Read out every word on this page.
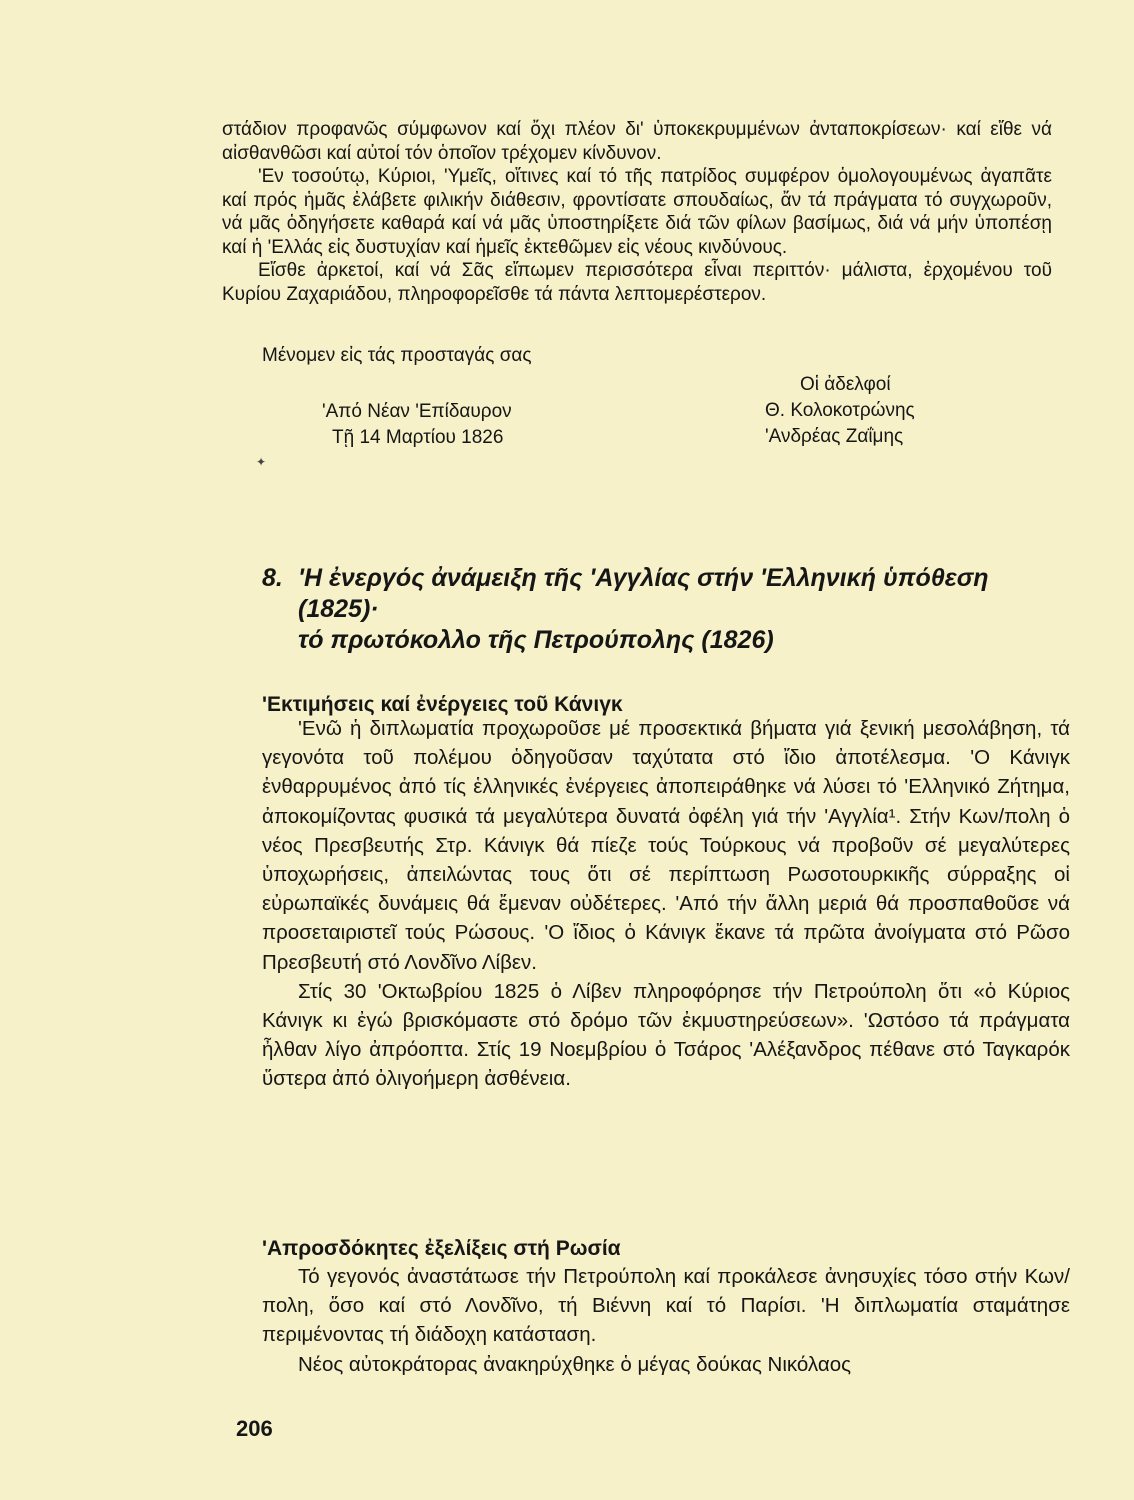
στάδιον προφανῶς σύμφωνον καί ὄχι πλέον δι' ὑποκεκρυμμένων ἀνταποκρίσεων· καί εἴθε νά αἰσθανθῶσι καί αὐτοί τόν ὁποῖον τρέχομεν κίνδυνον.

'Εν τοσούτῳ, Κύριοι, 'Υμεῖς, οἵτινες καί τό τῆς πατρίδος συμφέρον ὁμολογουμένως ἀγαπᾶτε καί πρός ἡμᾶς ἐλάβετε φιλικήν διάθεσιν, φροντίσατε σπουδαίως, ἄν τά πράγματα τό συγχωροῦν, νά μᾶς ὁδηγήσετε καθαρά καί νά μᾶς ὑποστηρίξετε διά τῶν φίλων βασίμως, διά νά μήν ὑποπέσῃ καί ἡ 'Ελλάς εἰς δυστυχίαν καί ἡμεῖς ἐκτεθῶμεν εἰς νέους κινδύνους.

Εἴσθε ἀρκετοί, καί νά Σᾶς εἴπωμεν περισσότερα εἶναι περιττόν· μάλιστα, ἐρχομένου τοῦ Κυρίου Ζαχαριάδου, πληροφορεῖσθε τά πάντα λεπτομερέστερον.

Μένομεν εἰς τάς προσταγάς σας
'Από Νέαν 'Επίδαυρον
Τῇ 14 Μαρτίου 1826
Οἱ ἀδελφοί
Θ. Κολοκοτρώνης
'Ανδρέας Ζαΐμης
8. 'Η ἐνεργός ἀνάμειξη τῆς 'Αγγλίας στήν 'Ελληνική ὑπόθεση
(1825)·
τό πρωτόκολλο τῆς Πετρούπολης (1826)
'Εκτιμήσεις καί ἐνέργειες τοῦ Κάνιγκ

'Ενῶ ἡ διπλωματία προχωροῦσε μέ προσεκτικά βήματα γιά ξενική μεσολάβηση, τά γεγονότα τοῦ πολέμου ὁδηγοῦσαν ταχύτατα στό ἴδιο ἀποτέλεσμα. 'Ο Κάνιγκ ἐνθαρρυμένος ἀπό τίς ἑλληνικές ἐνέργειες ἀποπειράθηκε νά λύσει τό 'Ελληνικό Ζήτημα, ἀποκομίζοντας φυσικά τά μεγαλύτερα δυνατά ὀφέλη γιά τήν 'Αγγλία¹. Στήν Κων/πολη ὁ νέος Πρεσβευτής Στρ. Κάνιγκ θά πίεζε τούς Τούρκους νά προβοῦν σέ μεγαλύτερες ὑποχωρήσεις, ἀπειλώντας τους ὅτι σέ περίπτωση Ρωσοτουρκικῆς σύρραξης οἱ εὐρωπαϊκές δυνάμεις θά ἔμεναν οὐδέτερες. 'Από τήν ἄλλη μεριά θά προσπαθοῦσε νά προσεταιριστεῖ τούς Ρώσους. 'Ο ἴδιος ὁ Κάνιγκ ἔκανε τά πρῶτα ἀνοίγματα στό Ρῶσο Πρεσβευτή στό Λονδῖνο Λίβεν.

Στίς 30 'Οκτωβρίου 1825 ὁ Λίβεν πληροφόρησε τήν Πετρούπολη ὅτι «ὁ Κύριος Κάνιγκ κι ἐγώ βρισκόμαστε στό δρόμο τῶν ἐκμυστηρεύσεων». 'Ωστόσο τά πράγματα ἦλθαν λίγο ἀπρόοπτα. Στίς 19 Νοεμβρίου ὁ Τσάρος 'Αλέξανδρος πέθανε στό Ταγκαρόκ ὕστερα ἀπό ὀλιγοήμερη ἀσθένεια.

'Απροσδόκητες ἐξελίξεις στή Ρωσία

Τό γεγονός ἀναστάτωσε τήν Πετρούπολη καί προκάλεσε ἀνησυχίες τόσο στήν Κων/πολη, ὅσο καί στό Λονδῖνο, τή Βιέννη καί τό Παρίσι. 'Η διπλωματία σταμάτησε περιμένοντας τή διάδοχη κατάσταση.

Νέος αὐτοκράτορας ἀνακηρύχθηκε ὁ μέγας δούκας Νικόλαος

206
✦
